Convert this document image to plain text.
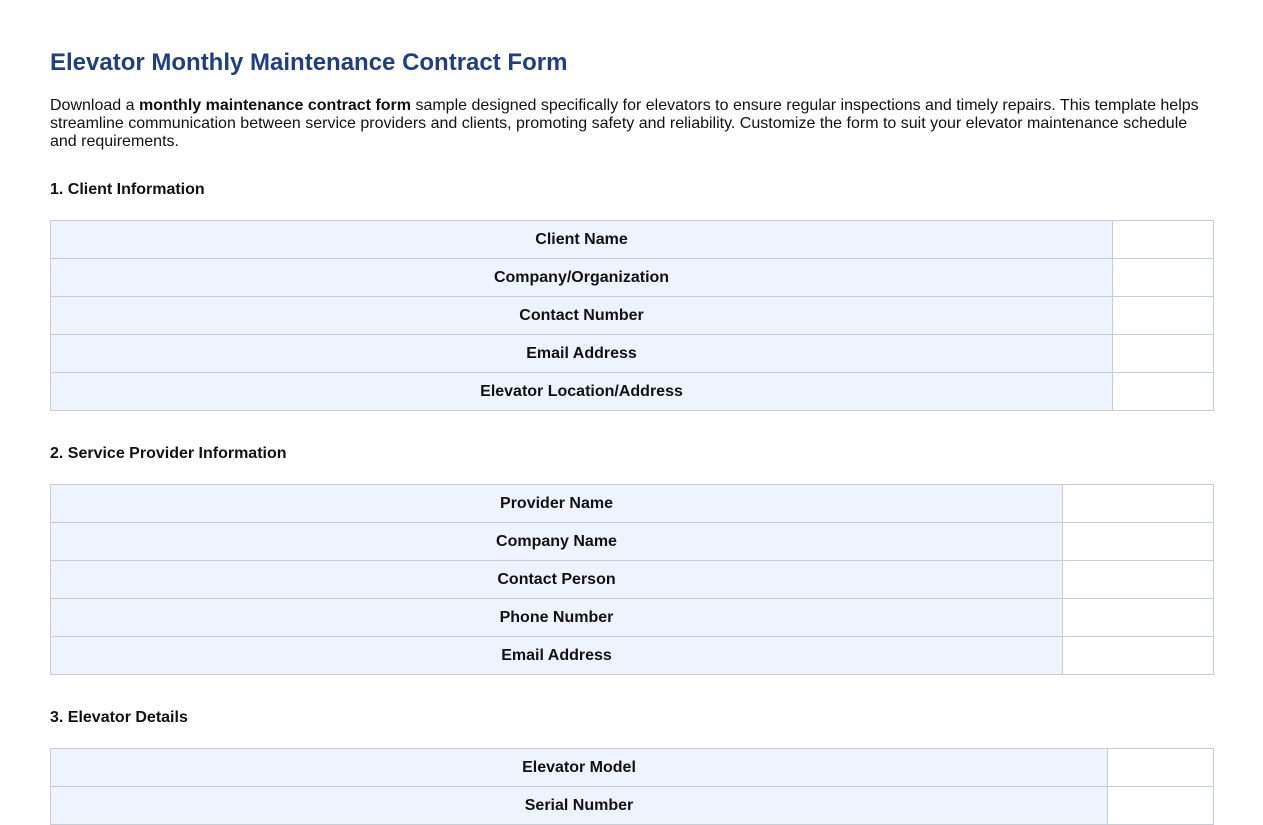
Elevator Monthly Maintenance Contract Form

Download a monthly maintenance contract form sample designed specifically for elevators to ensure regular inspections and timely repairs. This template helps streamline communication between service providers and clients, promoting safety and reliability. Customize the form to suit your elevator maintenance schedule and requirements.

1. Client Information
Client Name	
Company/Organization	
Contact Number	
Email Address	
Elevator Location/Address	
2. Service Provider Information
Provider Name	
Company Name	
Contact Person	
Phone Number	
Email Address	
3. Elevator Details
Elevator Model	
Serial Number	
